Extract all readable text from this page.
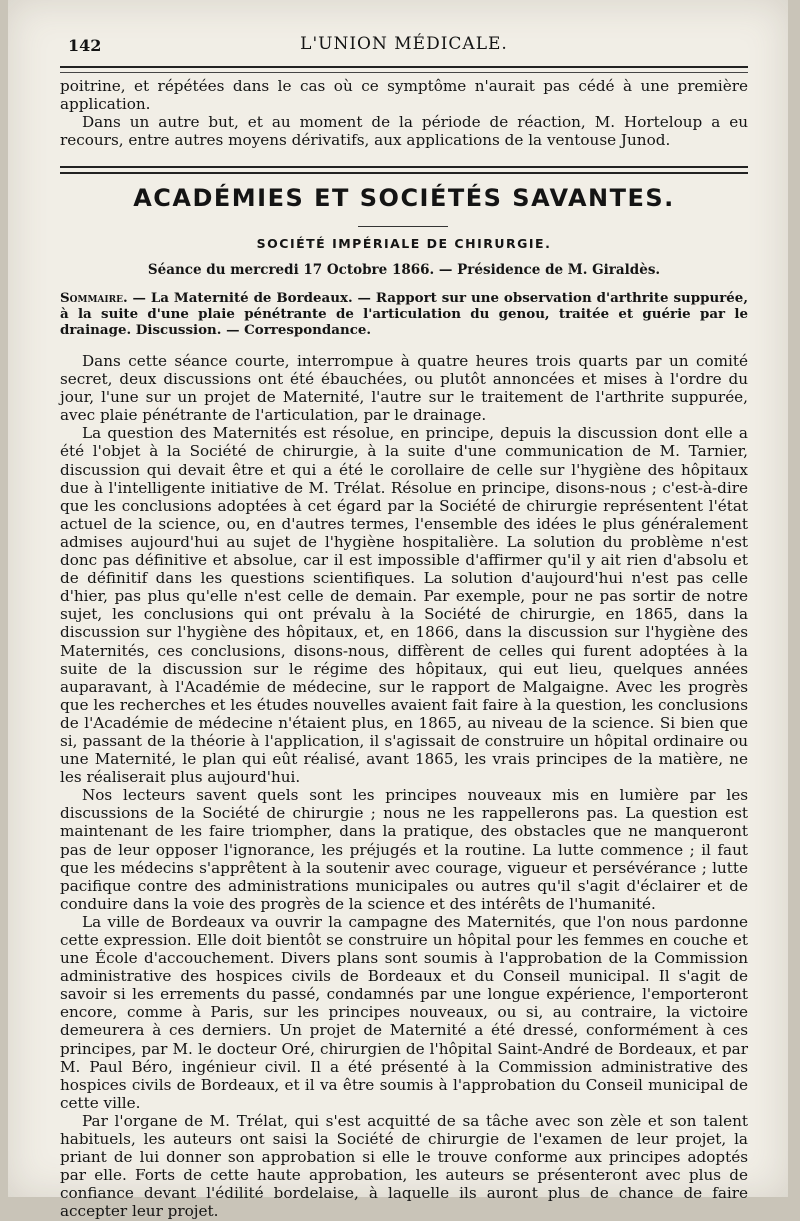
142	L'UNION MÉDICALE.

poitrine, et répétées dans le cas où ce symptôme n'aurait pas cédé à une première application.

Dans un autre but, et au moment de la période de réaction, M. Horteloup a eu recours, entre autres moyens dérivatifs, aux applications de la ventouse Junod.

ACADÉMIES ET SOCIÉTÉS SAVANTES.
SOCIÉTÉ IMPÉRIALE DE CHIRURGIE.
Séance du mercredi 17 Octobre 1866. — Présidence de M. Giraldès.
Sommaire. — La Maternité de Bordeaux. — Rapport sur une observation d'arthrite suppurée, à la suite d'une plaie pénétrante de l'articulation du genou, traitée et guérie par le drainage. Discussion. — Correspondance.

Dans cette séance courte, interrompue à quatre heures trois quarts par un comité secret, deux discussions ont été ébauchées, ou plutôt annoncées et mises à l'ordre du jour, l'une sur un projet de Maternité, l'autre sur le traitement de l'arthrite suppurée, avec plaie pénétrante de l'articulation, par le drainage.

La question des Maternités est résolue, en principe, depuis la discussion dont elle a été l'objet à la Société de chirurgie, à la suite d'une communication de M. Tarnier, discussion qui devait être et qui a été le corollaire de celle sur l'hygiène des hôpitaux due à l'intelligente initiative de M. Trélat. Résolue en principe, disons-nous ; c'est-à-dire que les conclusions adoptées à cet égard par la Société de chirurgie représentent l'état actuel de la science, ou, en d'autres termes, l'ensemble des idées le plus généralement admises aujourd'hui au sujet de l'hygiène hospitalière. La solution du problème n'est donc pas définitive et absolue, car il est impossible d'affirmer qu'il y ait rien d'absolu et de définitif dans les questions scientifiques. La solution d'aujourd'hui n'est pas celle d'hier, pas plus qu'elle n'est celle de demain. Par exemple, pour ne pas sortir de notre sujet, les conclusions qui ont prévalu à la Société de chirurgie, en 1865, dans la discussion sur l'hygiène des hôpitaux, et, en 1866, dans la discussion sur l'hygiène des Maternités, ces conclusions, disons-nous, diffèrent de celles qui furent adoptées à la suite de la discussion sur le régime des hôpitaux, qui eut lieu, quelques années auparavant, à l'Académie de médecine, sur le rapport de Malgaigne. Avec les progrès que les recherches et les études nouvelles avaient fait faire à la question, les conclusions de l'Académie de médecine n'étaient plus, en 1865, au niveau de la science. Si bien que si, passant de la théorie à l'application, il s'agissait de construire un hôpital ordinaire ou une Maternité, le plan qui eût réalisé, avant 1865, les vrais principes de la matière, ne les réaliserait plus aujourd'hui.

Nos lecteurs savent quels sont les principes nouveaux mis en lumière par les discussions de la Société de chirurgie ; nous ne les rappellerons pas. La question est maintenant de les faire triompher, dans la pratique, des obstacles que ne manqueront pas de leur opposer l'ignorance, les préjugés et la routine. La lutte commence ; il faut que les médecins s'apprêtent à la soutenir avec courage, vigueur et persévérance ; lutte pacifique contre des administrations municipales ou autres qu'il s'agit d'éclairer et de conduire dans la voie des progrès de la science et des intérêts de l'humanité.

La ville de Bordeaux va ouvrir la campagne des Maternités, que l'on nous pardonne cette expression. Elle doit bientôt se construire un hôpital pour les femmes en couche et une École d'accouchement. Divers plans sont soumis à l'approbation de la Commission administrative des hospices civils de Bordeaux et du Conseil municipal. Il s'agit de savoir si les errements du passé, condamnés par une longue expérience, l'emporteront encore, comme à Paris, sur les principes nouveaux, ou si, au contraire, la victoire demeurera à ces derniers. Un projet de Maternité a été dressé, conformément à ces principes, par M. le docteur Oré, chirurgien de l'hôpital Saint-André de Bordeaux, et par M. Paul Béro, ingénieur civil. Il a été présenté à la Commission administrative des hospices civils de Bordeaux, et il va être soumis à l'approbation du Conseil municipal de cette ville.

Par l'organe de M. Trélat, qui s'est acquitté de sa tâche avec son zèle et son talent habituels, les auteurs ont saisi la Société de chirurgie de l'examen de leur projet, la priant de lui donner son approbation si elle le trouve conforme aux principes adoptés par elle. Forts de cette haute approbation, les auteurs se présenteront avec plus de confiance devant l'édilité bordelaise, à laquelle ils auront plus de chance de faire accepter leur projet.
